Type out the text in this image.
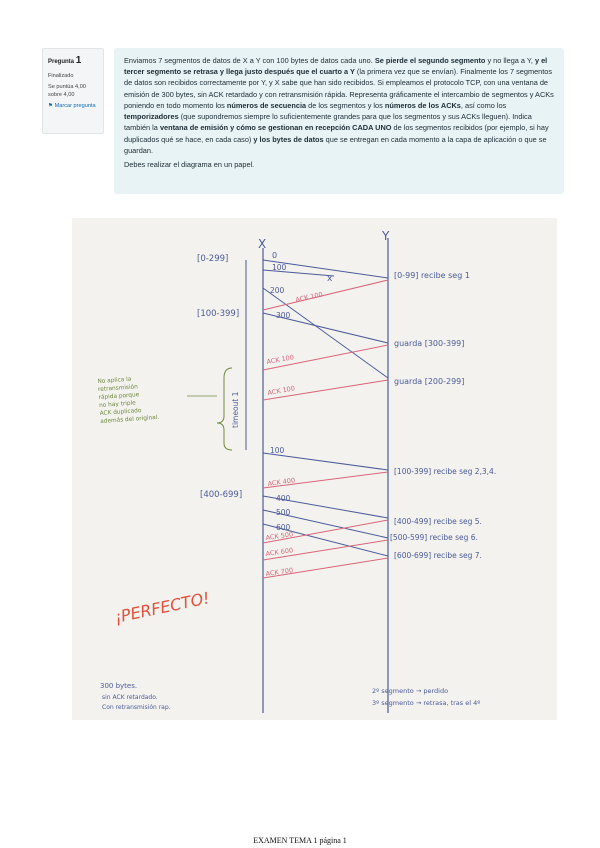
Pregunta 1
Finalizado
Se puntúa 4,00 sobre 4,00
⚑ Marcar pregunta

Enviamos 7 segmentos de datos de X a Y con 100 bytes de datos cada uno. Se pierde el segundo segmento y no llega a Y, y el tercer segmento se retrasa y llega justo después que el cuarto a Y (la primera vez que se envían). Finalmente los 7 segmentos de datos son recibidos correctamente por Y, y X sabe que han sido recibidos. Si empleamos el protocolo TCP, con una ventana de emisión de 300 bytes, sin ACK retardado y con retransmisión rápida. Representa gráficamente el intercambio de segmentos y ACKs poniendo en todo momento los números de secuencia de los segmentos y los números de los ACKs, así como los temporizadores (que supondremos siempre lo suficientemente grandes para que los segmentos y sus ACKs lleguen). Indica también la ventana de emisión y cómo se gestionan en recepción CADA UNO de los segmentos recibidos (por ejemplo, si hay duplicados qué se hace, en cada caso) y los bytes de datos que se entregan en cada momento a la capa de aplicación o que se guardan.

Debes realizar el diagrama en un papel.

X
Y
0
[0-299]
[100-399]
[400-699]
x
100
200
300
ACK 100
ACK 100
ACK 100
timeout 1
No aplica la
retransmisión
rápida porque
no hay triple
ACK duplicado
además del original.
100
ACK 400
400
500
600
ACK 500
ACK 600
ACK 700
[0-99] recibe seg 1
guarda [300-399]
guarda [200-299]
[100-399] recibe seg 2,3,4.
[400-499] recibe seg 5.
[500-599] recibe seg 6.
[600-699] recibe seg 7.
¡PERFECTO!
300 bytes.
sin ACK retardado.
Con retransmisión rap.
2º segmento → perdido
3º segmento → retrasa, tras el 4º
EXAMEN TEMA 1 página 1
